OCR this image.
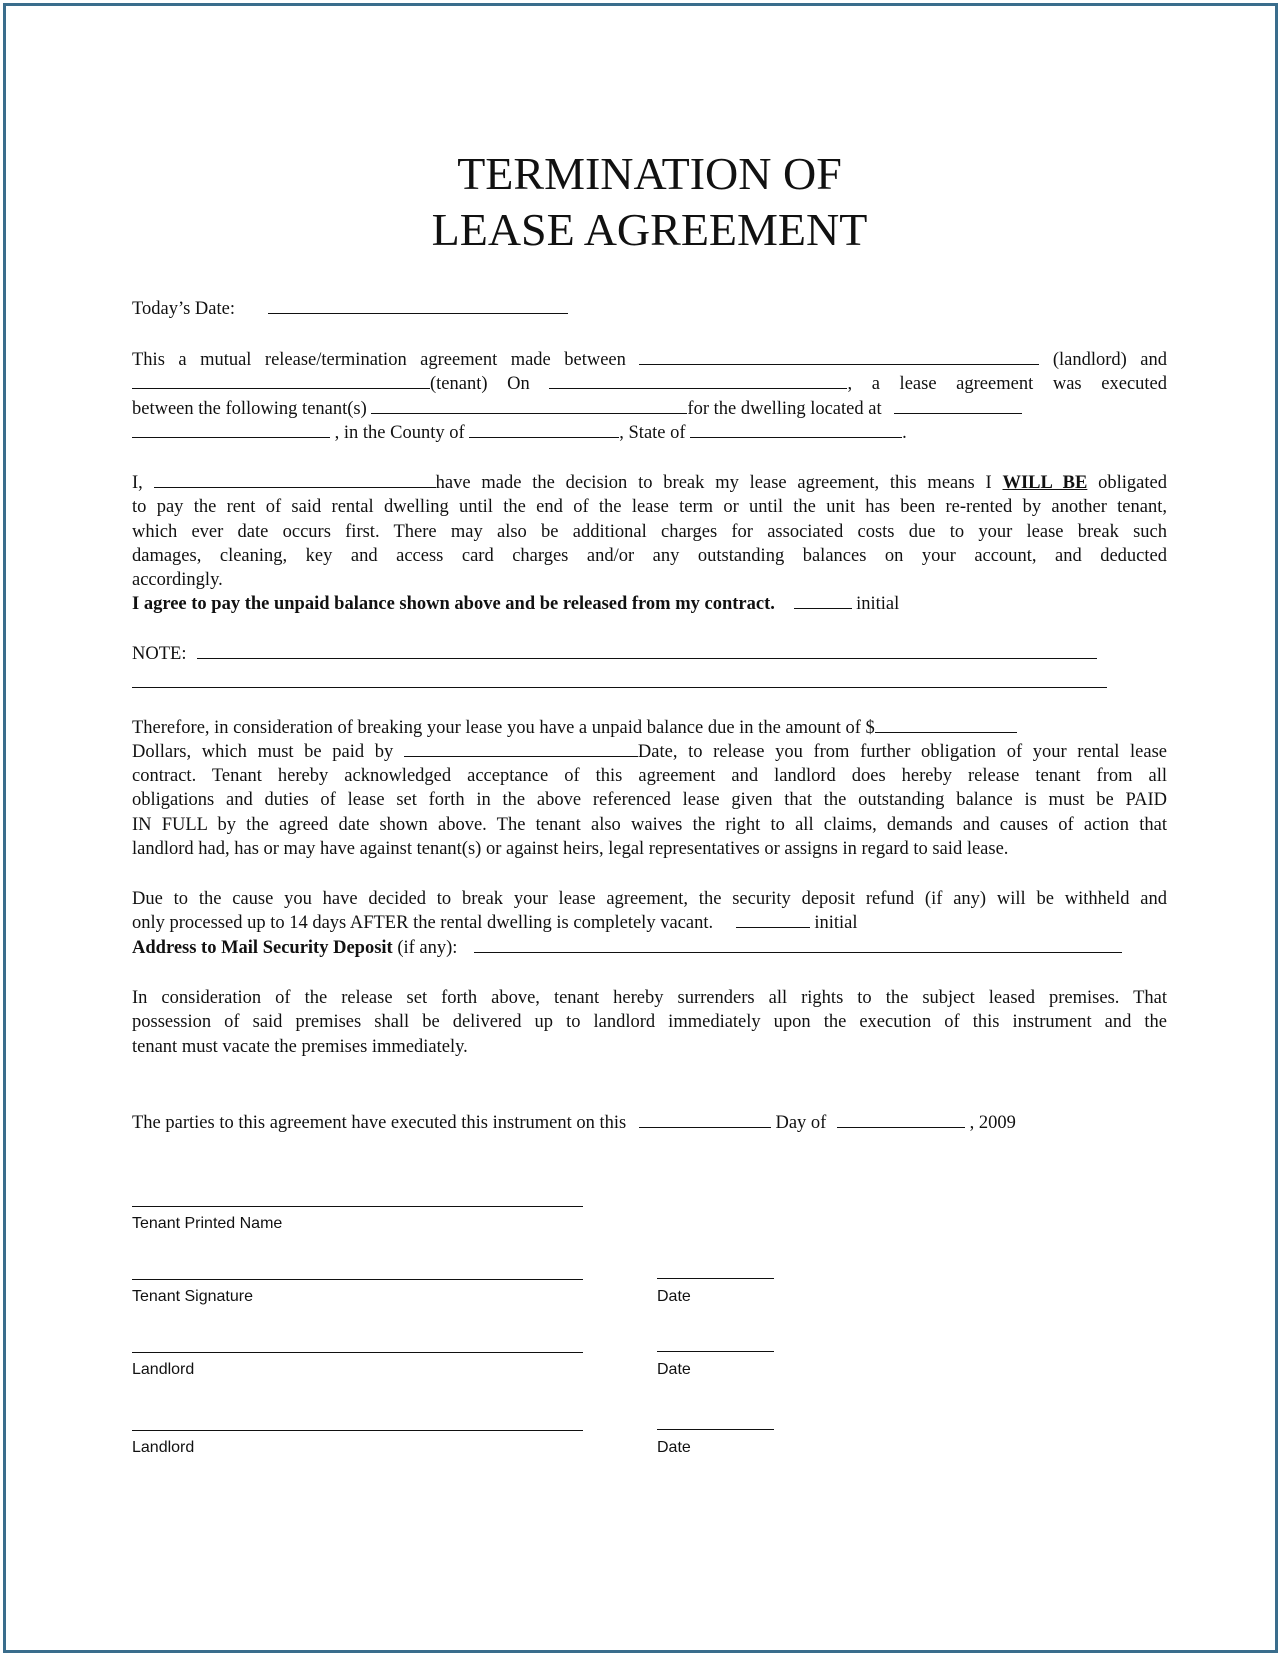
TERMINATION OF
LEASE AGREEMENT
Today’s Date:
This a mutual release/termination agreement made between	(landlord) and
(tenant) On	, a lease agreement was executed
between the following tenant(s)	for the dwelling located at
, in the County of	, State of	.
I,	have made the decision to break my lease agreement, this means I WILL BE obligated
to pay the rent of said rental dwelling until the end of the lease term or until the unit has been re-rented by another tenant,
which ever date occurs first. There may also be additional charges for associated costs due to your lease break such
damages, cleaning, key and access card charges and/or any outstanding balances on your account, and deducted
accordingly.
I agree to pay the unpaid balance shown above and be released from my contract.	initial
NOTE:
Therefore, in consideration of breaking your lease you have a unpaid balance due in the amount of $
Dollars, which must be paid by	Date, to release you from further obligation of your rental lease
contract. Tenant hereby acknowledged acceptance of this agreement and landlord does hereby release tenant from all
obligations and duties of lease set forth in the above referenced lease given that the outstanding balance is must be PAID
IN FULL by the agreed date shown above. The tenant also waives the right to all claims, demands and causes of action that
landlord had, has or may have against tenant(s) or against heirs, legal representatives or assigns in regard to said lease.
Due to the cause you have decided to break your lease agreement, the security deposit refund (if any) will be withheld and
only processed up to 14 days AFTER the rental dwelling is completely vacant.	initial
Address to Mail Security Deposit (if any):
In consideration of the release set forth above, tenant hereby surrenders all rights to the subject leased premises. That
possession of said premises shall be delivered up to landlord immediately upon the execution of this instrument and the
tenant must vacate the premises immediately.
The parties to this agreement have executed this instrument on this	Day of	, 2009
Tenant Printed Name
Tenant Signature	Date
Landlord	Date
Landlord	Date
